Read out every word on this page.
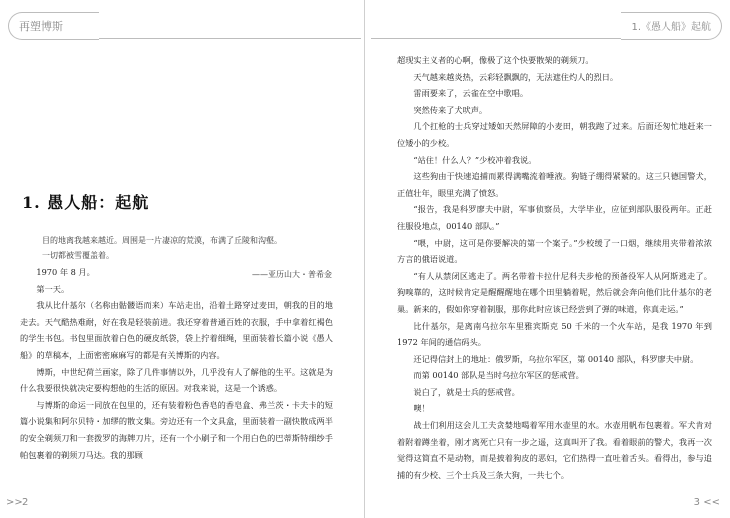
再塑博斯
1. 愚人船：起航
目的地离我越来越近。周围是一片凄凉的荒漠，布满了丘陵和沟壑。
一切都被雪覆盖着。
——亚历山大・普希金

1970 年 8 月。

第一天。

我从比什基尔（名称由骷髅语而来）车站走出，沿着土路穿过麦田，朝我的目的地走去。天气酷热难耐，好在我是轻装前进。我还穿着普通百姓的衣服，手中拿着红褐色的学生书包。书包里面放着白色的硬皮纸袋，袋上拧着细绳，里面装着长篇小说《愚人船》的草稿本，上面密密麻麻写的都是有关博斯的内容。

博斯，中世纪荷兰画家，除了几件事情以外，几乎没有人了解他的生平。这就是为什么我要很快就决定要构想他的生活的原因。对我来说，这是一个诱惑。

与博斯的命运一同放在包里的，还有装着粉色香皂的香皂盒、弗兰茨・卡夫卡的短篇小说集和阿尔贝特・加缪的散文集。旁边还有一个文具盒，里面装着一副快散成两半的安全剃须刀和一套拨罗的海牌刀片，还有一个小刷子和一个用白色的巴蒂斯特细纱手帕包裹着的剃须刀马达。我的那顾

>> 2
1.《愚人船》起航

超现实主义者的心啊，像极了这个快要散架的剃须刀。

天气越来越炎热，云彩轻飘飘的，无法遮住灼人的烈日。

雷雨要来了，云雀在空中歌唱。

突然传来了犬吠声。

几个扛枪的士兵穿过矮如天然屏障的小麦田，朝我跑了过来。后面还匆忙地赶来一位矮小的少校。

“站住！什么人？”少校冲着我说。

这些狗由于快速追捕而累得满嘴流着唾液。狗链子绷得紧紧的。这三只德国警犬，正值壮年，眼里充满了愤怒。

“报告，我是科罗廖夫中尉，军事侦察员，大学毕业，应征到部队服役两年。正赶往服役地点，00140 部队。”

“喂，中尉，这可是你要解决的第一个案子。”少校缓了一口烟，继续用夹带着浓浓方言的俄语说道。

“有人从禁闭区逃走了。两名带着卡拉什尼科夫步枪的预备役军人从阿斯逃走了。狗嗅靠的，这时候肯定是醒醒醒地在哪个田里躺着呢，然后就会奔向他们比什基尔的老巢。新来的，假如你穿着制服，那你此时应该已经尝到了弹的味道，你真走运。”

比什基尔，是离南乌拉尔车里雅宾斯克 50 千米的一个火车站，是我 1970 年到 1972 年间的通信码头。

还记得信封上的地址：俄罗斯，乌拉尔军区，第 00140 部队，科罗廖夫中尉。

而第 00140 部队是当时乌拉尔军区的惩戒营。

说白了，就是士兵的惩戒营。

噢！

战士们利用这会儿工夫贪婪地喝着军用水壶里的水。水壶用帆布包裹着。军犬肯对着附着蹲坐着，刚才离死亡只有一步之遥，这真叫开了我。看着眼前的警犬，我再一次觉得这简直不是动物，而是披着狗皮的恶妇，它们热得一直吐着舌头。看得出，参与追捕的有少校、三个士兵及三条大狗，一共七个。

3 <<
